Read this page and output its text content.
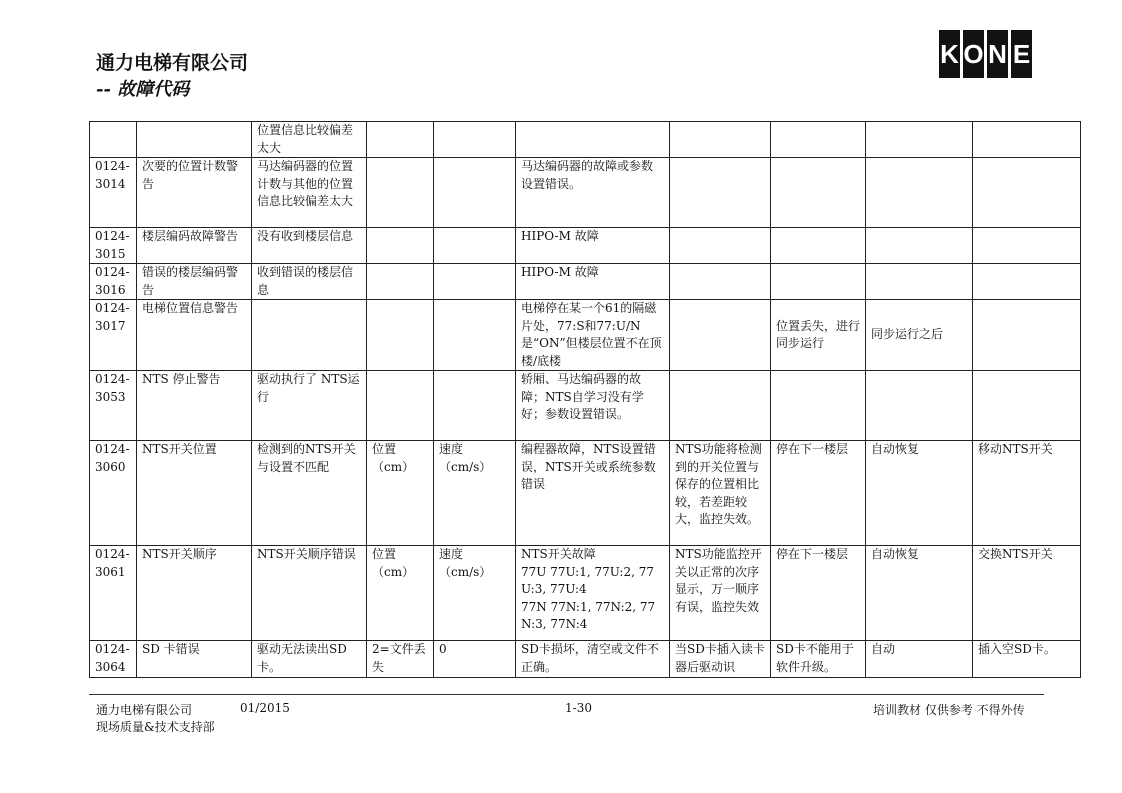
通力电梯有限公司
-- 故障代码
K O N E
		位置信息比较偏差太大							
0124-3014	次要的位置计数警告	马达编码器的位置计数与其他的位置信息比较偏差太大			马达编码器的故障或参数设置错误。				
0124-3015	楼层编码故障警告	没有收到楼层信息			HIPO-M 故障				
0124-3016	错误的楼层编码警告	收到错误的楼层信息			HIPO-M 故障				
0124-3017	电梯位置信息警告				电梯停在某一个61的隔磁片处，77:S和77:U/N是“ON”但楼层位置不在顶楼/底楼		位置丢失，进行同步运行	同步运行之后	
0124-3053	NTS 停止警告	驱动执行了 NTS运行			轿厢、马达编码器的故障；NTS自学习没有学好；参数设置错误。				
0124-3060	NTS开关位置	检测到的NTS开关与设置不匹配	位置
（cm）	速度
（cm/s）	编程器故障，NTS设置错误，NTS开关或系统参数错误	NTS功能将检测到的开关位置与保存的位置相比较，若差距较大，监控失效。	停在下一楼层	自动恢复	移动NTS开关
0124-3061	NTS开关顺序	NTS开关顺序错误	位置
（cm）	速度
（cm/s）	NTS开关故障
77U 77U:1, 77U:2, 77U:3, 77U:4
77N 77N:1, 77N:2, 77N:3, 77N:4	NTS功能监控开关以正常的次序显示，万一顺序有误，监控失效	停在下一楼层	自动恢复	交换NTS开关
0124-3064	SD 卡错误	驱动无法读出SD卡。	2=文件丢失	0	SD卡损坏，清空或文件不正确。	当SD卡插入读卡器后驱动识	SD卡不能用于软件升级。	自动	插入空SD卡。
通力电梯有限公司	01/2015	1-30	培训教材 仅供参考 不得外传
现场质量&技术支持部
